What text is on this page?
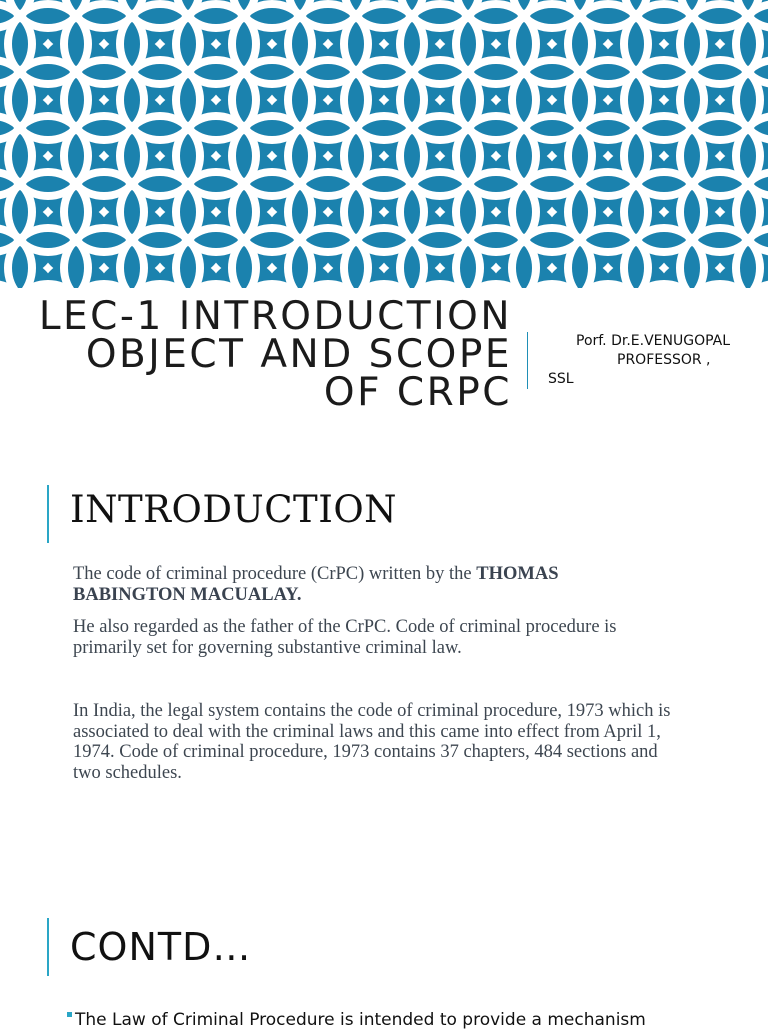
LEC-1 INTRODUCTION
OBJECT AND SCOPE
OF CRPC
Porf. Dr.E.VENUGOPAL
PROFESSOR ,
SSL
INTRODUCTION
The code of criminal procedure (CrPC) written by the THOMAS BABINGTON MACUALAY.
He also regarded as the father of the CrPC. Code of criminal procedure is primarily set for governing substantive criminal law.
In India, the legal system contains the code of criminal procedure, 1973 which is associated to deal with the criminal laws and this came into effect from April 1, 1974. Code of criminal procedure, 1973 contains 37 chapters, 484 sections and two schedules.
CONTD…
The Law of Criminal Procedure is intended to provide a mechanism
